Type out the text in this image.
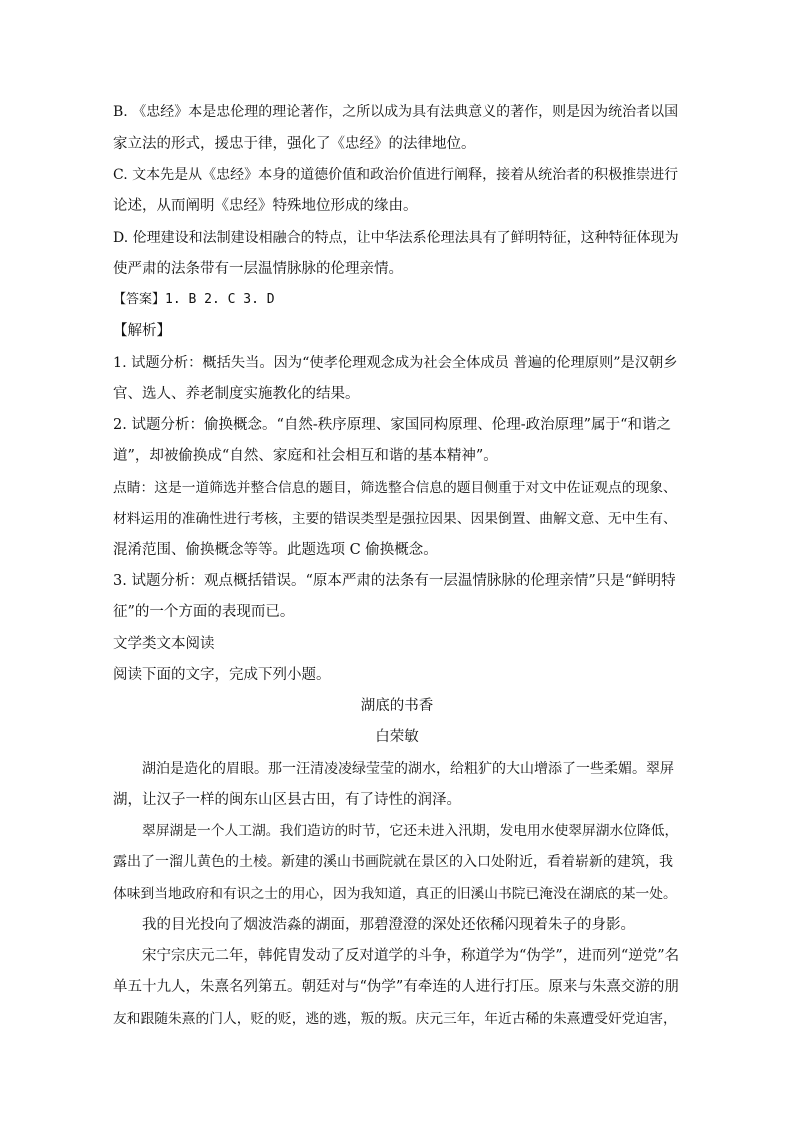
B. 《忠经》本是忠伦理的理论著作，之所以成为具有法典意义的著作，则是因为统治者以国
家立法的形式，援忠于律，强化了《忠经》的法律地位。
C. 文本先是从《忠经》本身的道德价值和政治价值进行阐释，接着从统治者的积极推崇进行
论述，从而阐明《忠经》特殊地位形成的缘由。
D. 伦理建设和法制建设相融合的特点，让中华法系伦理法具有了鲜明特征，这种特征体现为
使严肃的法条带有一层温情脉脉的伦理亲情。
【答案】1. B 2. C 3. D
【解析】
1. 试题分析：概括失当。因为“使孝伦理观念成为社会全体成员 普遍的伦理原则”是汉朝乡
官、选人、养老制度实施教化的结果。
2. 试题分析：偷换概念。“自然-秩序原理、家国同构原理、伦理-政治原理”属于“和谐之
道”，却被偷换成“自然、家庭和社会相互和谐的基本精神”。
点睛：这是一道筛选并整合信息的题目，筛选整合信息的题目侧重于对文中佐证观点的现象、
材料运用的准确性进行考核，主要的错误类型是强拉因果、因果倒置、曲解文意、无中生有、
混淆范围、偷换概念等等。此题选项 C 偷换概念。
3. 试题分析：观点概括错误。“原本严肃的法条有一层温情脉脉的伦理亲情”只是“鲜明特
征”的一个方面的表现而已。
文学类文本阅读
阅读下面的文字，完成下列小题。
湖底的书香
白荣敏
湖泊是造化的眉眼。那一汪清凌凌绿莹莹的湖水，给粗犷的大山增添了一些柔媚。翠屏
湖，让汉子一样的闽东山区县古田，有了诗性的润泽。
翠屏湖是一个人工湖。我们造访的时节，它还未进入汛期，发电用水使翠屏湖水位降低，
露出了一溜儿黄色的土棱。新建的溪山书画院就在景区的入口处附近，看着崭新的建筑，我
体味到当地政府和有识之士的用心，因为我知道，真正的旧溪山书院已淹没在湖底的某一处。
我的目光投向了烟波浩淼的湖面，那碧澄澄的深处还依稀闪现着朱子的身影。
宋宁宗庆元二年，韩侂胄发动了反对道学的斗争，称道学为“伪学”，进而列“逆党”名
单五十九人，朱熹名列第五。朝廷对与“伪学”有牵连的人进行打压。原来与朱熹交游的朋
友和跟随朱熹的门人，贬的贬，逃的逃，叛的叛。庆元三年，年近古稀的朱熹遭受奸党迫害，
